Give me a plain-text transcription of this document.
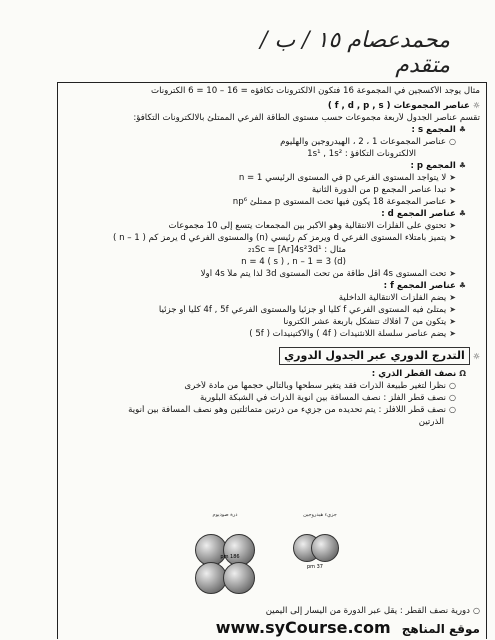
محمدعصام ١٥ / ب / متقدم
مثال يوجد الأكسجين في المجموعة 16 فتكون الالكترونات تكافؤه = 16 – 10 = 6 الكترونات
☼عناصر المجموعات ( f , d , p , s )
تقسم عناصر الجدول لأربعة مجموعات حسب مستوى الطاقة الفرعي الممتلئ بالالكترونات التكافؤ:
♣المجمع s :
○عناصر المجموعات 1 ، 2 ، الهيدروجين والهليوم
الالكترونات التكافؤ : 1s¹ , 1s²
♣المجمع p :
➤لا يتواجد المستوى الفرعي p في المستوى الرئيسي n = 1
➤تبدأ عناصر المجمع p من الدورة الثانية
➤عناصر المجموعة 18 يكون فيها تحت المستوى p ممتلئ np⁶
♣عناصر المجمع d :
➤تحتوي على الفلزات الانتقالية وهو الأكبر بين المجمعات يتسع إلى 10 مجموعات
➤يتميز بامتلاء المستوى الفرعي d ويرمز كم رئيسي (n) والمستوى الفرعي d يرمز كم ( n – 1 )
مثال : ₂₁Sc = [Ar]4s²3d¹
n = 4 ( s ) , n – 1 = 3 (d)
➤تحت المستوى 4s أقل طاقة من تحت المستوى 3d لذا يتم ملأ 4s أولا
♣عناصر المجمع f :
➤يضم الفلزات الانتقالية الداخلية
➤يمتلئ فيه المستوى الفرعي f كليا أو جزئيا والمستوى الفرعي 4f , 5f كليا أو جزئيا
➤يتكون من 7 أفلاك تتشكل بأربعة عشر الكترونا
➤يضم عناصر سلسلة اللانثنيدات ( 4f ) والأكتينيدات ( 5f )
☼التدرج الدوري عبر الجدول الدوري
Ωنصف القطر الذري :
○نظرا لتغير طبيعة الذرات فقد يتغير سطحها وبالتالي حجمها من مادة لأخرى
○نصف قطر الفلز : نصف المسافة بين أنوية الذرات في الشبكة البلورية
○نصف قطر اللافلز : يتم تحديده من جزيء من ذرتين متماثلتين وهو نصف المسافة بين أنوية
الذرتين
ذرة صوديوم
186 pm
جزيء هيدروجين
37 pm
○دورية نصف القطر : يقل عبر الدورة من اليسار إلى اليمين
موقع المناهج www.syCourse.com
